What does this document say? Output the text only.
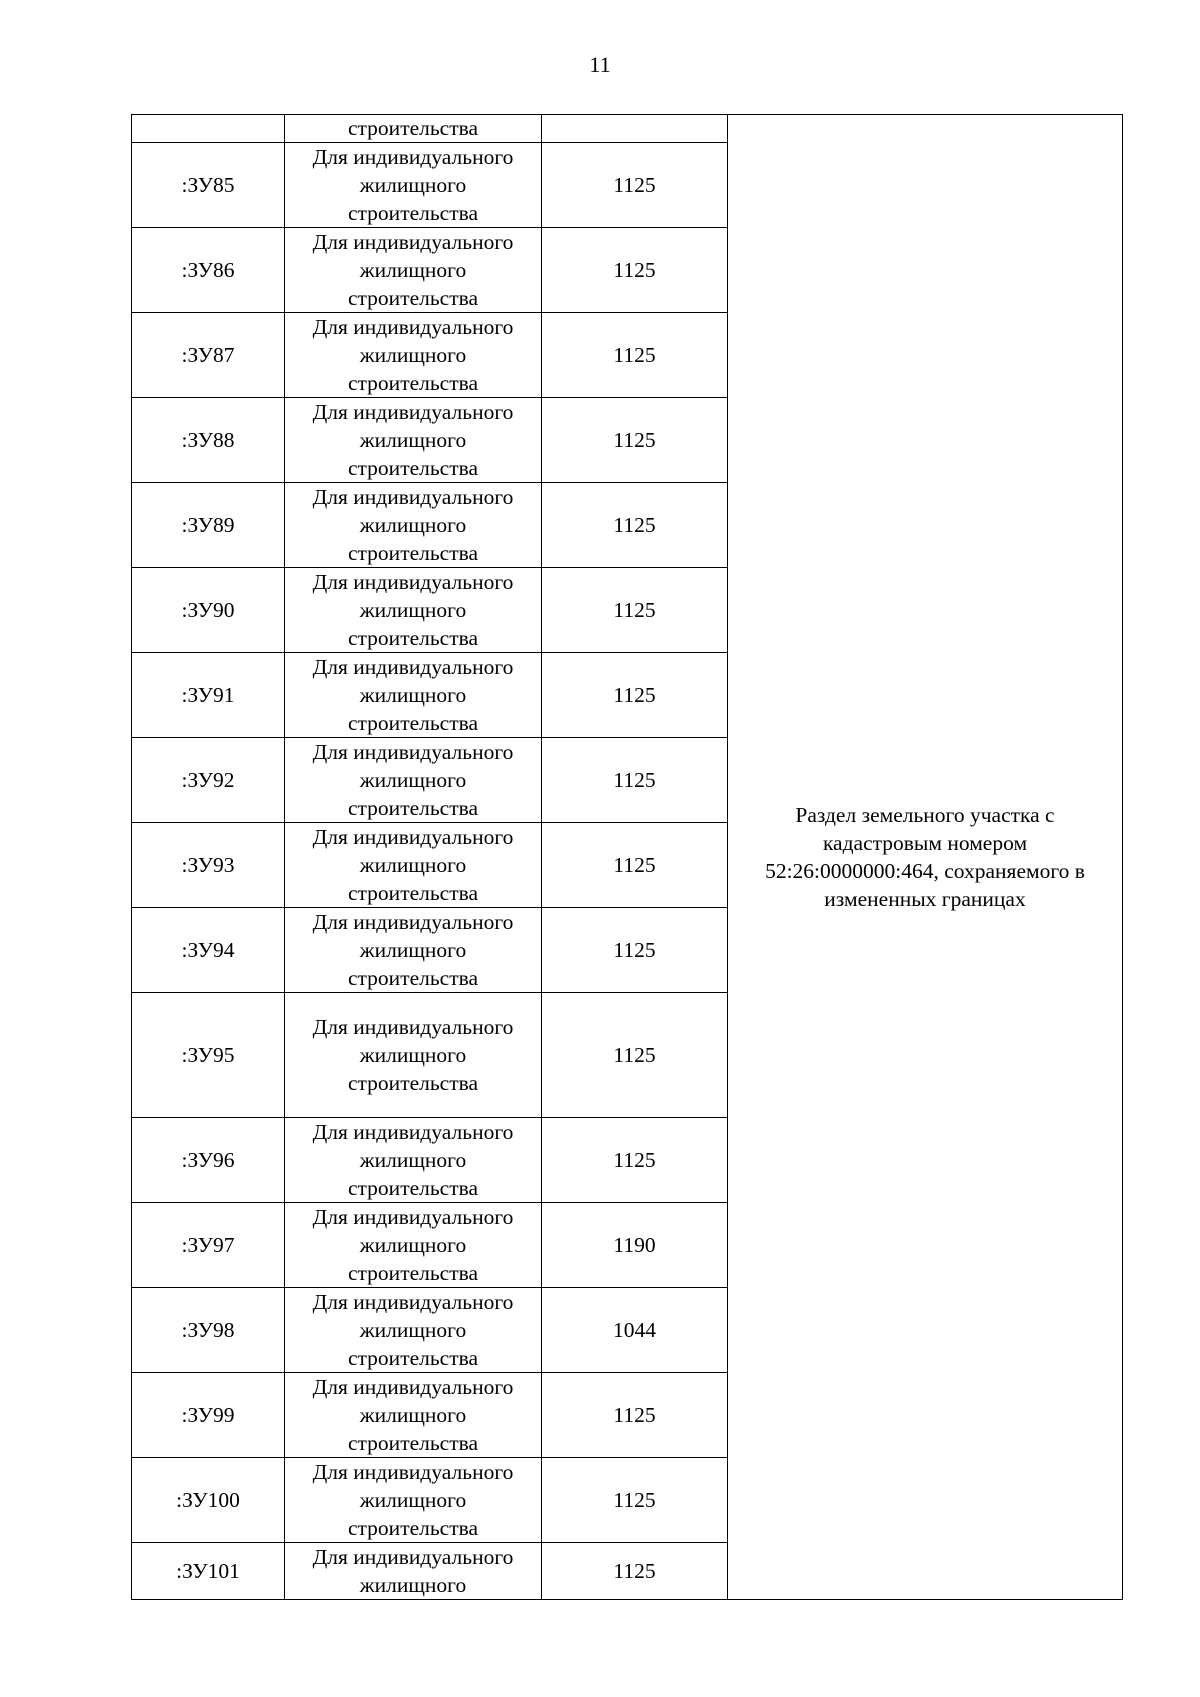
11

	строительства		Раздел земельного участка с
кадастровым номером
52:26:0000000:464, сохраняемого в
измененных границах

:ЗУ85	Для индивидуального
жилищного
строительства	1125	
:ЗУ86	Для индивидуального
жилищного
строительства	1125	
:ЗУ87	Для индивидуального
жилищного
строительства	1125	
:ЗУ88	Для индивидуального
жилищного
строительства	1125	
:ЗУ89	Для индивидуального
жилищного
строительства	1125	
:ЗУ90	Для индивидуального
жилищного
строительства	1125	
:ЗУ91	Для индивидуального
жилищного
строительства	1125	
:ЗУ92	Для индивидуального
жилищного
строительства	1125	
:ЗУ93	Для индивидуального
жилищного
строительства	1125	
:ЗУ94	Для индивидуального
жилищного
строительства	1125	
:ЗУ95	Для индивидуального
жилищного
строительства	1125	
:ЗУ96	Для индивидуального
жилищного
строительства	1125	
:ЗУ97	Для индивидуального
жилищного
строительства	1190	
:ЗУ98	Для индивидуального
жилищного
строительства	1044	
:ЗУ99	Для индивидуального
жилищного
строительства	1125	
:ЗУ100	Для индивидуального
жилищного
строительства	1125	
:ЗУ101	Для индивидуального
жилищного	1125	
